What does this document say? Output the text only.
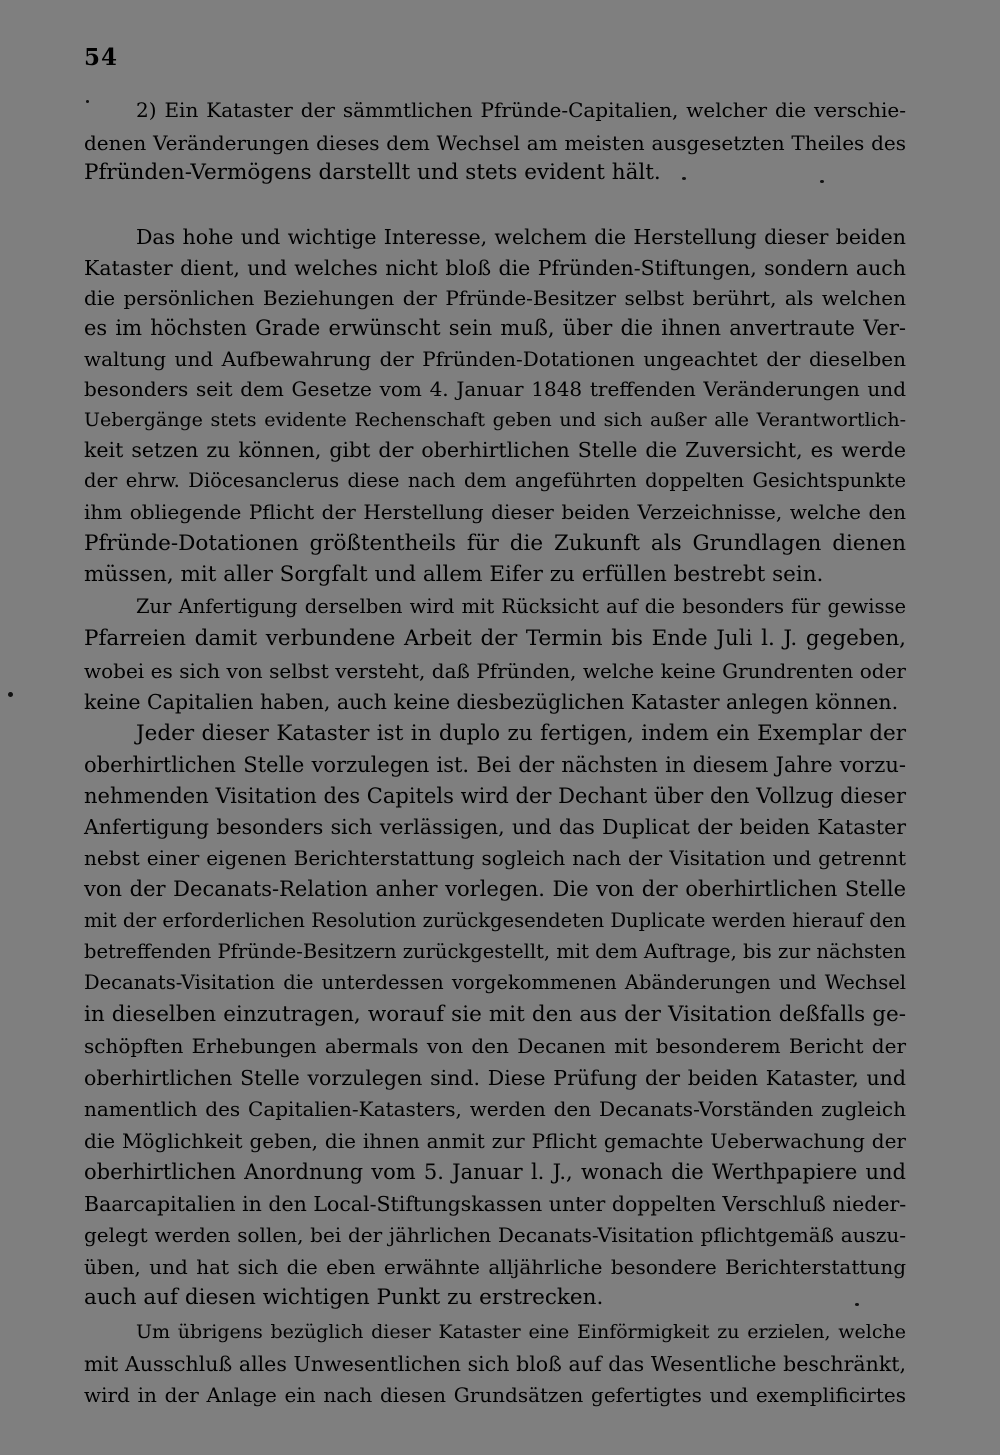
54
2) Ein Kataster der sämmtlichen Pfründe-Capitalien, welcher die verschie-
denen Veränderungen dieses dem Wechsel am meisten ausgesetzten Theiles des
Pfründen-Vermögens darstellt und stets evident hält.
Das hohe und wichtige Interesse, welchem die Herstellung dieser beiden
Kataster dient, und welches nicht bloß die Pfründen-Stiftungen, sondern auch
die persönlichen Beziehungen der Pfründe-Besitzer selbst berührt, als welchen
es im höchsten Grade erwünscht sein muß, über die ihnen anvertraute Ver-
waltung und Aufbewahrung der Pfründen-Dotationen ungeachtet der dieselben
besonders seit dem Gesetze vom 4. Januar 1848 treffenden Veränderungen und
Uebergänge stets evidente Rechenschaft geben und sich außer alle Verantwortlich-
keit setzen zu können, gibt der oberhirtlichen Stelle die Zuversicht, es werde
der ehrw. Diöcesanclerus diese nach dem angeführten doppelten Gesichtspunkte
ihm obliegende Pflicht der Herstellung dieser beiden Verzeichnisse, welche den
Pfründe-Dotationen größtentheils für die Zukunft als Grundlagen dienen
müssen, mit aller Sorgfalt und allem Eifer zu erfüllen bestrebt sein.
Zur Anfertigung derselben wird mit Rücksicht auf die besonders für gewisse
Pfarreien damit verbundene Arbeit der Termin bis Ende Juli l. J. gegeben,
wobei es sich von selbst versteht, daß Pfründen, welche keine Grundrenten oder
keine Capitalien haben, auch keine diesbezüglichen Kataster anlegen können.
Jeder dieser Kataster ist in duplo zu fertigen, indem ein Exemplar der
oberhirtlichen Stelle vorzulegen ist. Bei der nächsten in diesem Jahre vorzu-
nehmenden Visitation des Capitels wird der Dechant über den Vollzug dieser
Anfertigung besonders sich verlässigen, und das Duplicat der beiden Kataster
nebst einer eigenen Berichterstattung sogleich nach der Visitation und getrennt
von der Decanats-Relation anher vorlegen. Die von der oberhirtlichen Stelle
mit der erforderlichen Resolution zurückgesendeten Duplicate werden hierauf den
betreffenden Pfründe-Besitzern zurückgestellt, mit dem Auftrage, bis zur nächsten
Decanats-Visitation die unterdessen vorgekommenen Abänderungen und Wechsel
in dieselben einzutragen, worauf sie mit den aus der Visitation deßfalls ge-
schöpften Erhebungen abermals von den Decanen mit besonderem Bericht der
oberhirtlichen Stelle vorzulegen sind. Diese Prüfung der beiden Kataster, und
namentlich des Capitalien-Katasters, werden den Decanats-Vorständen zugleich
die Möglichkeit geben, die ihnen anmit zur Pflicht gemachte Ueberwachung der
oberhirtlichen Anordnung vom 5. Januar l. J., wonach die Werthpapiere und
Baarcapitalien in den Local-Stiftungskassen unter doppelten Verschluß nieder-
gelegt werden sollen, bei der jährlichen Decanats-Visitation pflichtgemäß auszu-
üben, und hat sich die eben erwähnte alljährliche besondere Berichterstattung
auch auf diesen wichtigen Punkt zu erstrecken.
Um übrigens bezüglich dieser Kataster eine Einförmigkeit zu erzielen, welche
mit Ausschluß alles Unwesentlichen sich bloß auf das Wesentliche beschränkt,
wird in der Anlage ein nach diesen Grundsätzen gefertigtes und exemplificirtes
